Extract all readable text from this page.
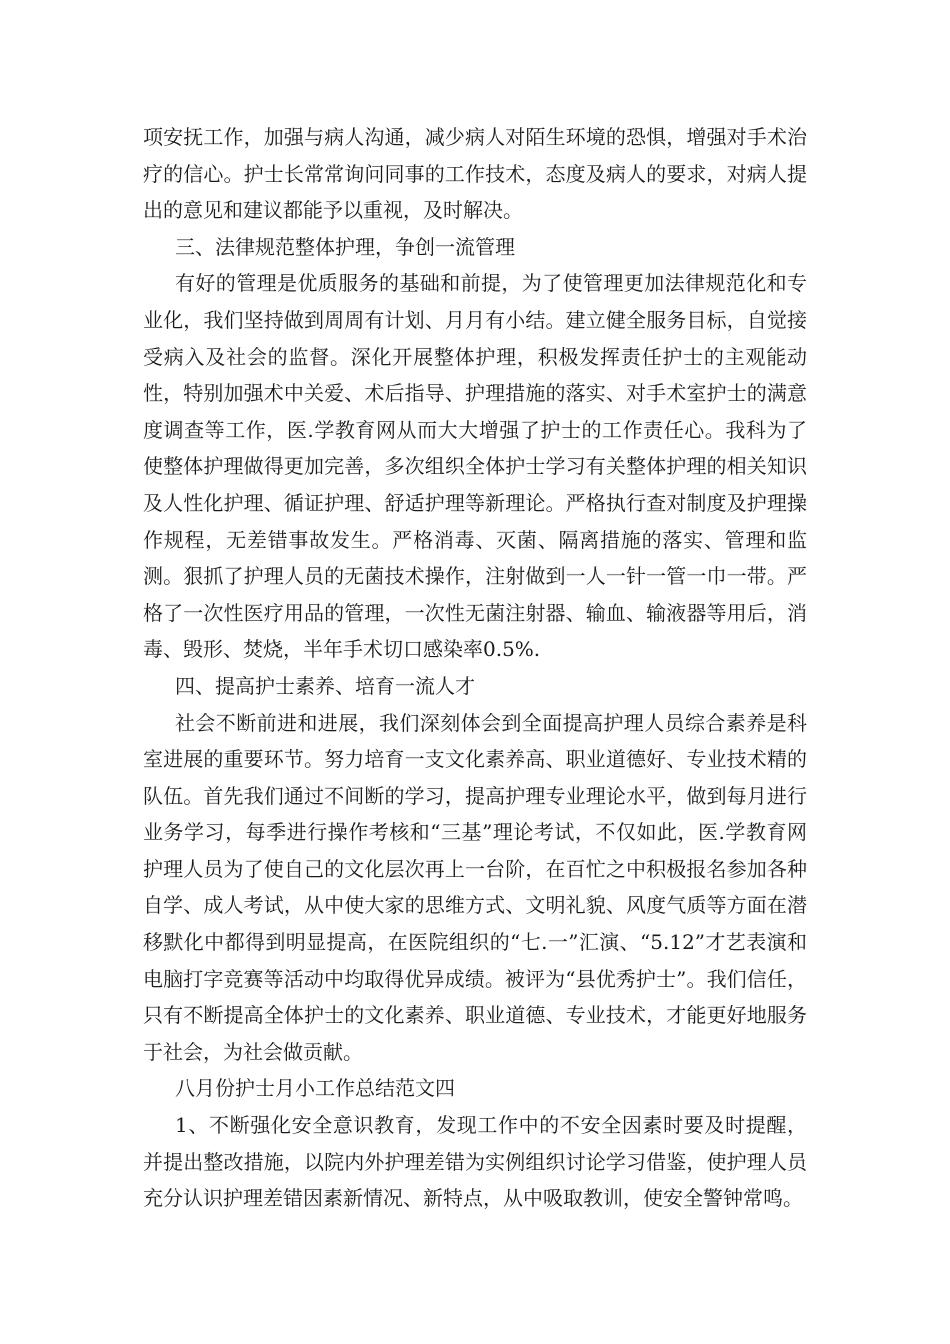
项安抚工作，加强与病人沟通，减少病人对陌生环境的恐惧，增强对手术治疗的信心。护士长常常询问同事的工作技术，态度及病人的要求，对病人提出的意见和建议都能予以重视，及时解决。

三、法律规范整体护理，争创一流管理

有好的管理是优质服务的基础和前提，为了使管理更加法律规范化和专业化，我们坚持做到周周有计划、月月有小结。建立健全服务目标，自觉接受病入及社会的监督。深化开展整体护理，积极发挥责任护士的主观能动性，特别加强术中关爱、术后指导、护理措施的落实、对手术室护士的满意度调查等工作，医.学教育网从而大大增强了护士的工作责任心。我科为了使整体护理做得更加完善，多次组织全体护士学习有关整体护理的相关知识及人性化护理、循证护理、舒适护理等新理论。严格执行查对制度及护理操作规程，无差错事故发生。严格消毒、灭菌、隔离措施的落实、管理和监测。狠抓了护理人员的无菌技术操作，注射做到一人一针一管一巾一带。严格了一次性医疗用品的管理，一次性无菌注射器、输血、输液器等用后，消毒、毁形、焚烧，半年手术切口感染率0.5%.

四、提高护士素养、培育一流人才

社会不断前进和进展，我们深刻体会到全面提高护理人员综合素养是科室进展的重要环节。努力培育一支文化素养高、职业道德好、专业技术精的队伍。首先我们通过不间断的学习，提高护理专业理论水平，做到每月进行业务学习，每季进行操作考核和“三基”理论考试，不仅如此，医.学教育网护理人员为了使自己的文化层次再上一台阶，在百忙之中积极报名参加各种自学、成人考试，从中使大家的思维方式、文明礼貌、风度气质等方面在潜移默化中都得到明显提高，在医院组织的“七.一”汇演、“5.12”才艺表演和电脑打字竞赛等活动中均取得优异成绩。被评为“县优秀护士”。我们信任，只有不断提高全体护士的文化素养、职业道德、专业技术，才能更好地服务于社会，为社会做贡献。

八月份护士月小工作总结范文四

1、不断强化安全意识教育，发现工作中的不安全因素时要及时提醒，并提出整改措施，以院内外护理差错为实例组织讨论学习借鉴，使护理人员充分认识护理差错因素新情况、新特点，从中吸取教训，使安全警钟常鸣。
